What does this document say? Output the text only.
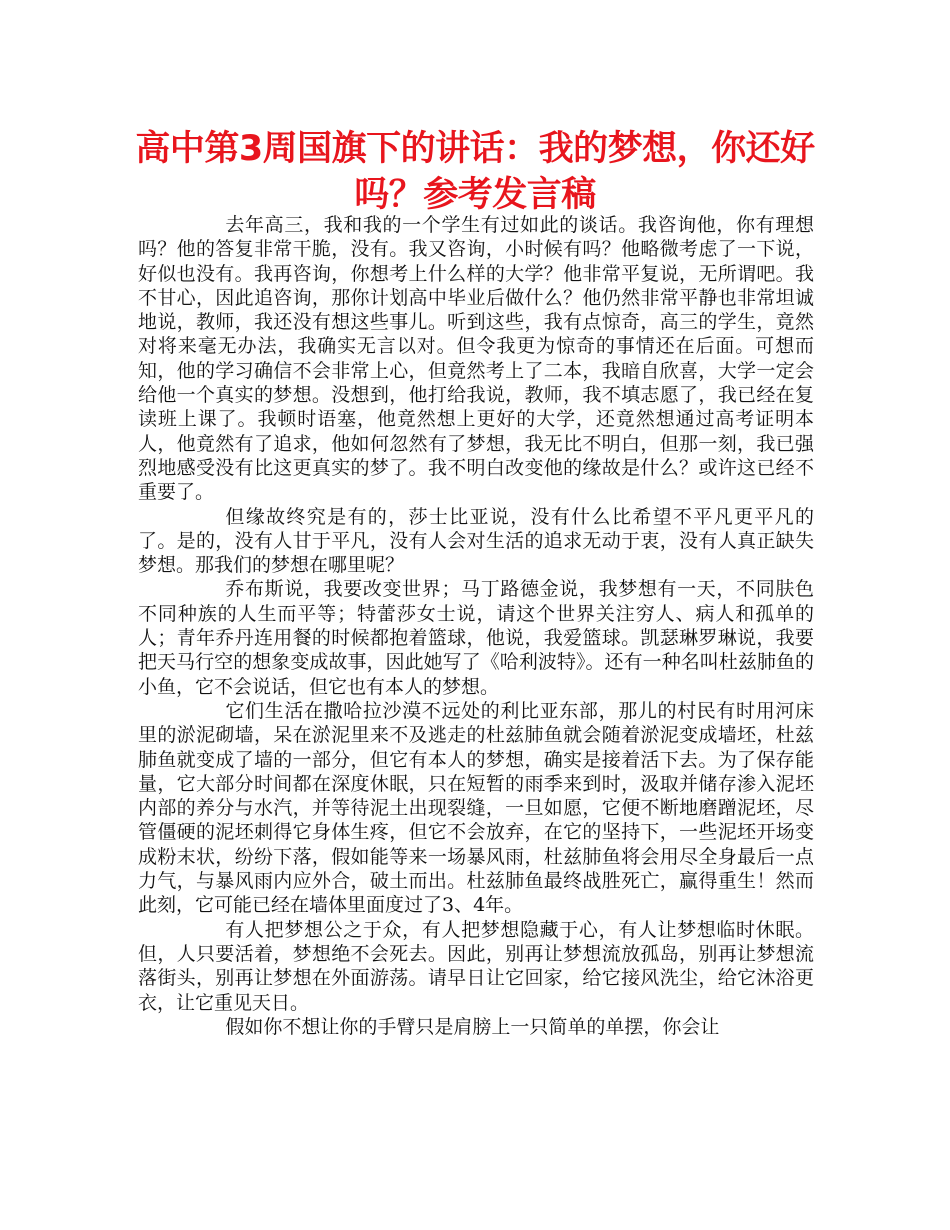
高中第3周国旗下的讲话：我的梦想，你还好吗？参考发言稿

去年高三，我和我的一个学生有过如此的谈话。我咨询他，你有理想吗？他的答复非常干脆，没有。我又咨询，小时候有吗？他略微考虑了一下说，好似也没有。我再咨询，你想考上什么样的大学？他非常平复说，无所谓吧。我不甘心，因此追咨询，那你计划高中毕业后做什么？他仍然非常平静也非常坦诚地说，教师，我还没有想这些事儿。听到这些，我有点惊奇，高三的学生，竟然对将来毫无办法，我确实无言以对。但令我更为惊奇的事情还在后面。可想而知，他的学习确信不会非常上心，但竟然考上了二本，我暗自欣喜，大学一定会给他一个真实的梦想。没想到，他打给我说，教师，我不填志愿了，我已经在复读班上课了。我顿时语塞，他竟然想上更好的大学，还竟然想通过高考证明本人，他竟然有了追求，他如何忽然有了梦想，我无比不明白，但那一刻，我已强烈地感受没有比这更真实的梦了。我不明白改变他的缘故是什么？或许这已经不重要了。

但缘故终究是有的，莎士比亚说，没有什么比希望不平凡更平凡的了。是的，没有人甘于平凡，没有人会对生活的追求无动于衷，没有人真正缺失梦想。那我们的梦想在哪里呢？

乔布斯说，我要改变世界；马丁路德金说，我梦想有一天，不同肤色不同种族的人生而平等；特蕾莎女士说，请这个世界关注穷人、病人和孤单的人；青年乔丹连用餐的时候都抱着篮球，他说，我爱篮球。凯瑟琳罗琳说，我要把天马行空的想象变成故事，因此她写了《哈利波特》。还有一种名叫杜兹肺鱼的小鱼，它不会说话，但它也有本人的梦想。

它们生活在撒哈拉沙漠不远处的利比亚东部，那儿的村民有时用河床里的淤泥砌墙，呆在淤泥里来不及逃走的杜兹肺鱼就会随着淤泥变成墙坯，杜兹肺鱼就变成了墙的一部分，但它有本人的梦想，确实是接着活下去。为了保存能量，它大部分时间都在深度休眠，只在短暂的雨季来到时，汲取并储存渗入泥坯内部的养分与水汽，并等待泥土出现裂缝，一旦如愿，它便不断地磨蹭泥坯，尽管僵硬的泥坯刺得它身体生疼，但它不会放弃，在它的坚持下，一些泥坯开场变成粉末状，纷纷下落，假如能等来一场暴风雨，杜兹肺鱼将会用尽全身最后一点力气，与暴风雨内应外合，破土而出。杜兹肺鱼最终战胜死亡，赢得重生！然而此刻，它可能已经在墙体里面度过了3、4年。

有人把梦想公之于众，有人把梦想隐藏于心，有人让梦想临时休眠。但，人只要活着，梦想绝不会死去。因此，别再让梦想流放孤岛，别再让梦想流落街头，别再让梦想在外面游荡。请早日让它回家，给它接风洗尘，给它沐浴更衣，让它重见天日。

假如你不想让你的手臂只是肩膀上一只简单的单摆，你会让
